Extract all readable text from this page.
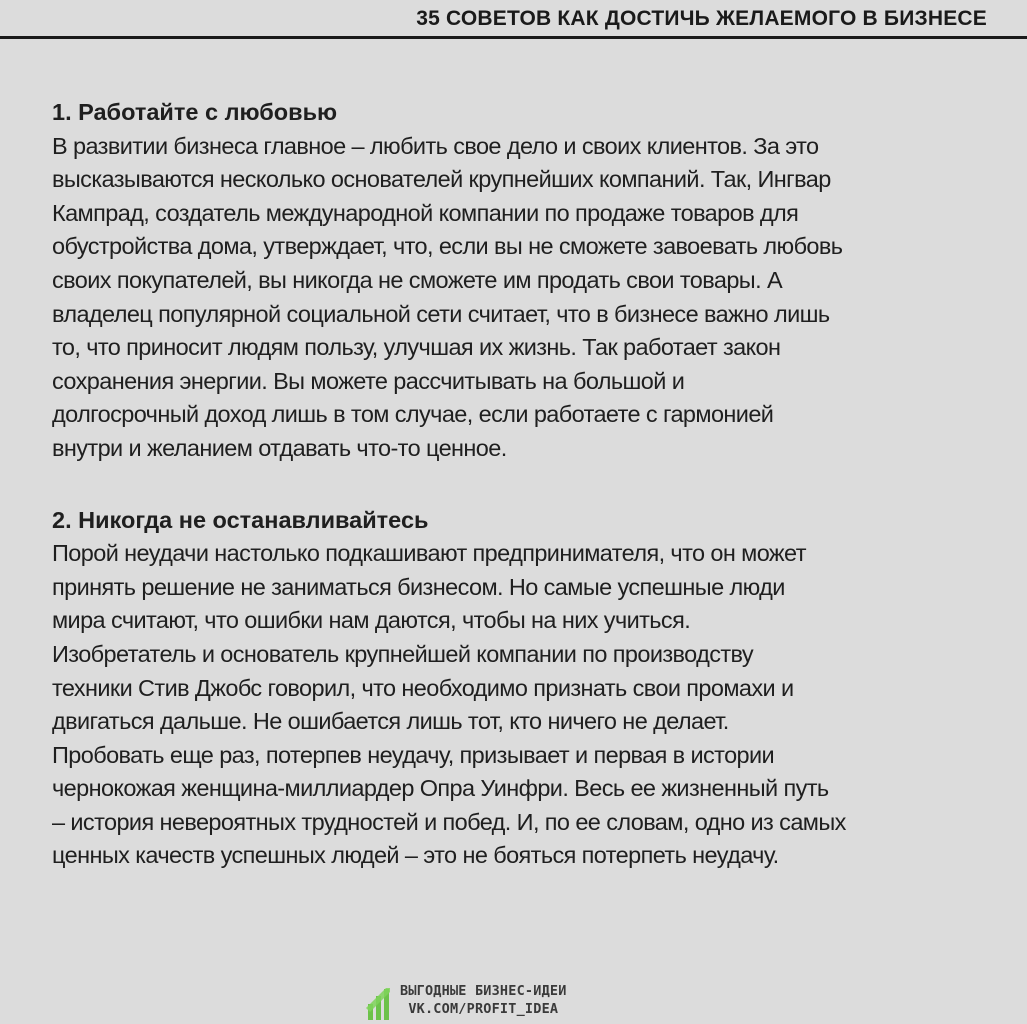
35 СОВЕТОВ КАК ДОСТИЧЬ ЖЕЛАЕМОГО В БИЗНЕСЕ

1. Работайте с любовью

В развитии бизнеса главное – любить свое дело и своих клиентов. За это
высказываются несколько основателей крупнейших компаний. Так, Ингвар
Кампрад, создатель международной компании по продаже товаров для
обустройства дома, утверждает, что, если вы не сможете завоевать любовь
своих покупателей, вы никогда не сможете им продать свои товары. А
владелец популярной социальной сети считает, что в бизнесе важно лишь
то, что приносит людям пользу, улучшая их жизнь. Так работает закон
сохранения энергии. Вы можете рассчитывать на большой и
долгосрочный доход лишь в том случае, если работаете с гармонией
внутри и желанием отдавать что-то ценное.

2. Никогда не останавливайтесь

Порой неудачи настолько подкашивают предпринимателя, что он может
принять решение не заниматься бизнесом. Но самые успешные люди
мира считают, что ошибки нам даются, чтобы на них учиться.
Изобретатель и основатель крупнейшей компании по производству
техники Стив Джобс говорил, что необходимо признать свои промахи и
двигаться дальше. Не ошибается лишь тот, кто ничего не делает.
Пробовать еще раз, потерпев неудачу, призывает и первая в истории
чернокожая женщина-миллиардер Опра Уинфри. Весь ее жизненный путь
– история невероятных трудностей и побед. И, по ее словам, одно из самых
ценных качеств успешных людей – это не бояться потерпеть неудачу.

ВЫГОДНЫЕ БИЗНЕС-ИДЕИ
VK.COM/PROFIT_IDEA
